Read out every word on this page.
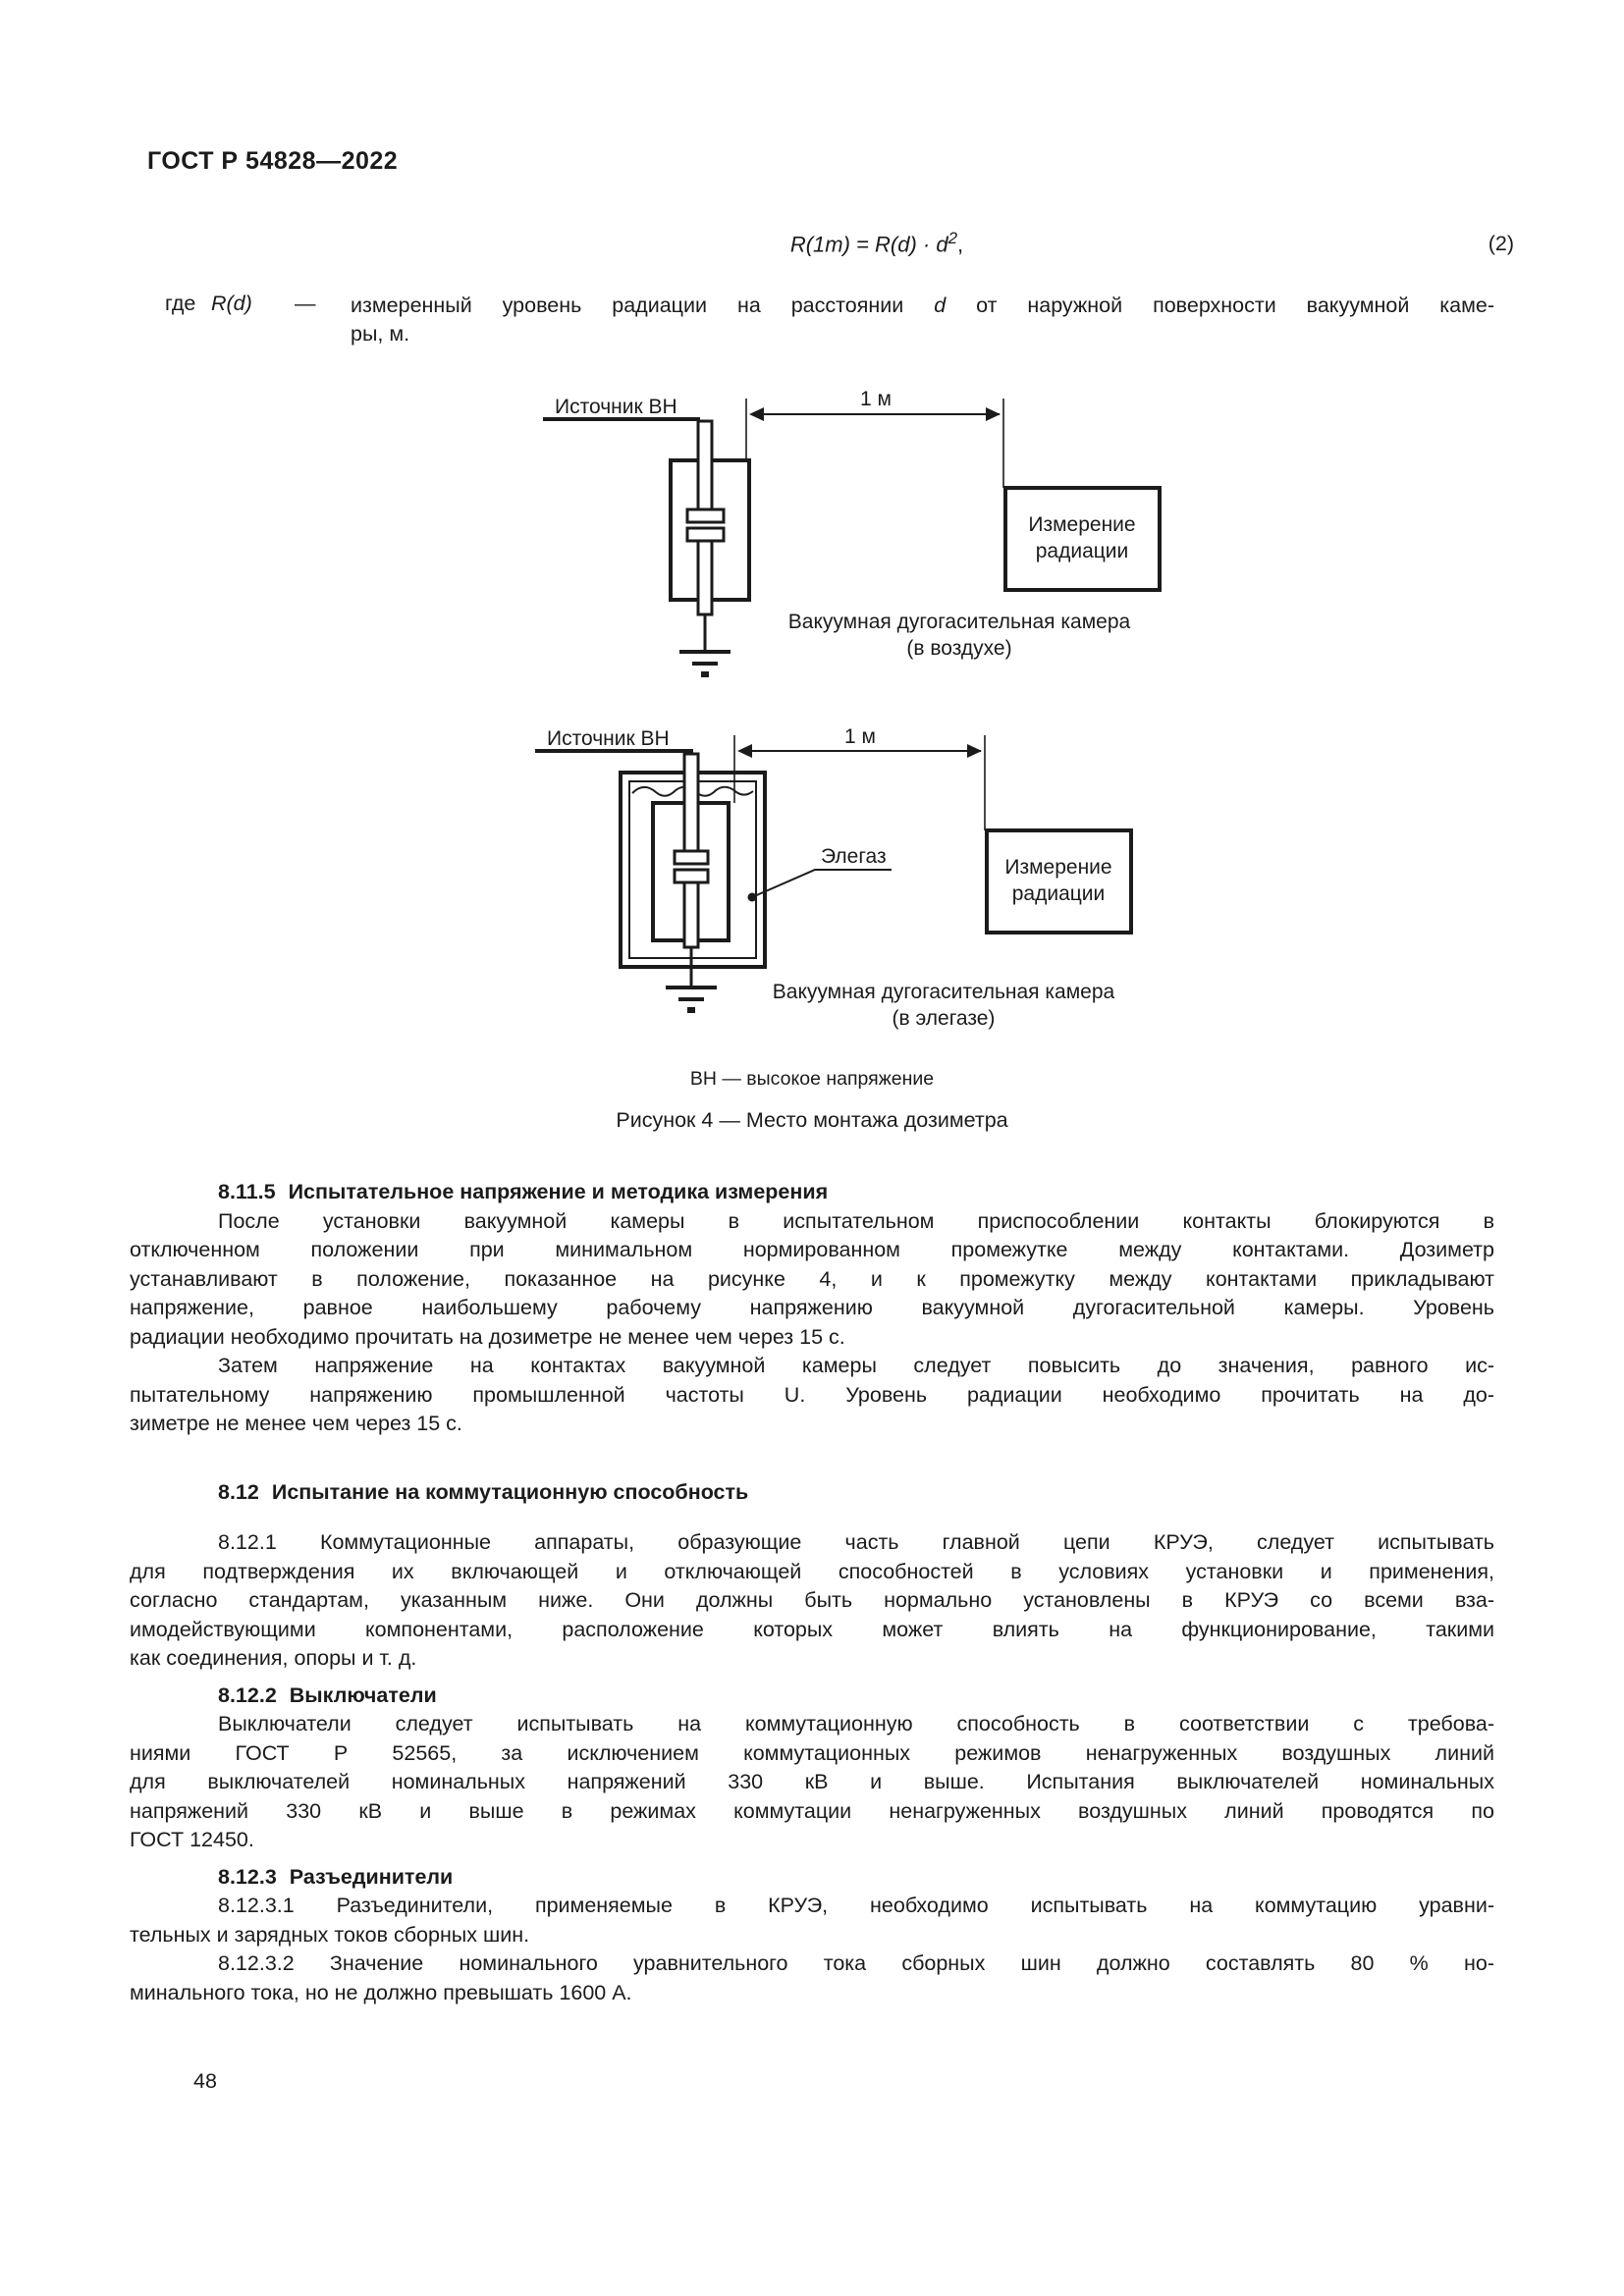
ГОСТ Р 54828—2022
$R(1m) = R(d) \cdot d^2$,	(2)
где R(d) — измеренный уровень радиации на расстоянии d от наружной поверхности вакуумной каме-
ры, м.
Источник ВН	1 м
Измерение
радиации
Вакуумная дугогасительная камера
(в воздухе)
Источник ВН	1 м
Элегаз	Измерение
радиации
Вакуумная дугогасительная камера
(в элегазе)
ВН — высокое напряжение
Рисунок 4 — Место монтажа дозиметра
8.11.5 Испытательное напряжение и методика измерения
После установки вакуумной камеры в испытательном приспособлении контакты блокируются в
отключенном положении при минимальном нормированном промежутке между контактами. Дозиметр
устанавливают в положение, показанное на рисунке 4, и к промежутку между контактами прикладывают
напряжение, равное наибольшему рабочему напряжению вакуумной дугогасительной камеры. Уровень
радиации необходимо прочитать на дозиметре не менее чем через 15 с.
Затем напряжение на контактах вакуумной камеры следует повысить до значения, равного ис-
пытательному напряжению промышленной частоты U. Уровень радиации необходимо прочитать на до-
зиметре не менее чем через 15 с.
8.12 Испытание на коммутационную способность
8.12.1 Коммутационные аппараты, образующие часть главной цепи КРУЭ, следует испытывать
для подтверждения их включающей и отключающей способностей в условиях установки и применения,
согласно стандартам, указанным ниже. Они должны быть нормально установлены в КРУЭ со всеми вза-
имодействующими компонентами, расположение которых может влиять на функционирование, такими
как соединения, опоры и т. д.
8.12.2 Выключатели
Выключатели следует испытывать на коммутационную способность в соответствии с требова-
ниями ГОСТ Р 52565, за исключением коммутационных режимов ненагруженных воздушных линий
для выключателей номинальных напряжений 330 кВ и выше. Испытания выключателей номинальных
напряжений 330 кВ и выше в режимах коммутации ненагруженных воздушных линий проводятся по
ГОСТ 12450.
8.12.3 Разъединители
8.12.3.1 Разъединители, применяемые в КРУЭ, необходимо испытывать на коммутацию уравни-
тельных и зарядных токов сборных шин.
8.12.3.2 Значение номинального уравнительного тока сборных шин должно составлять 80 % но-
минального тока, но не должно превышать 1600 А.
48
